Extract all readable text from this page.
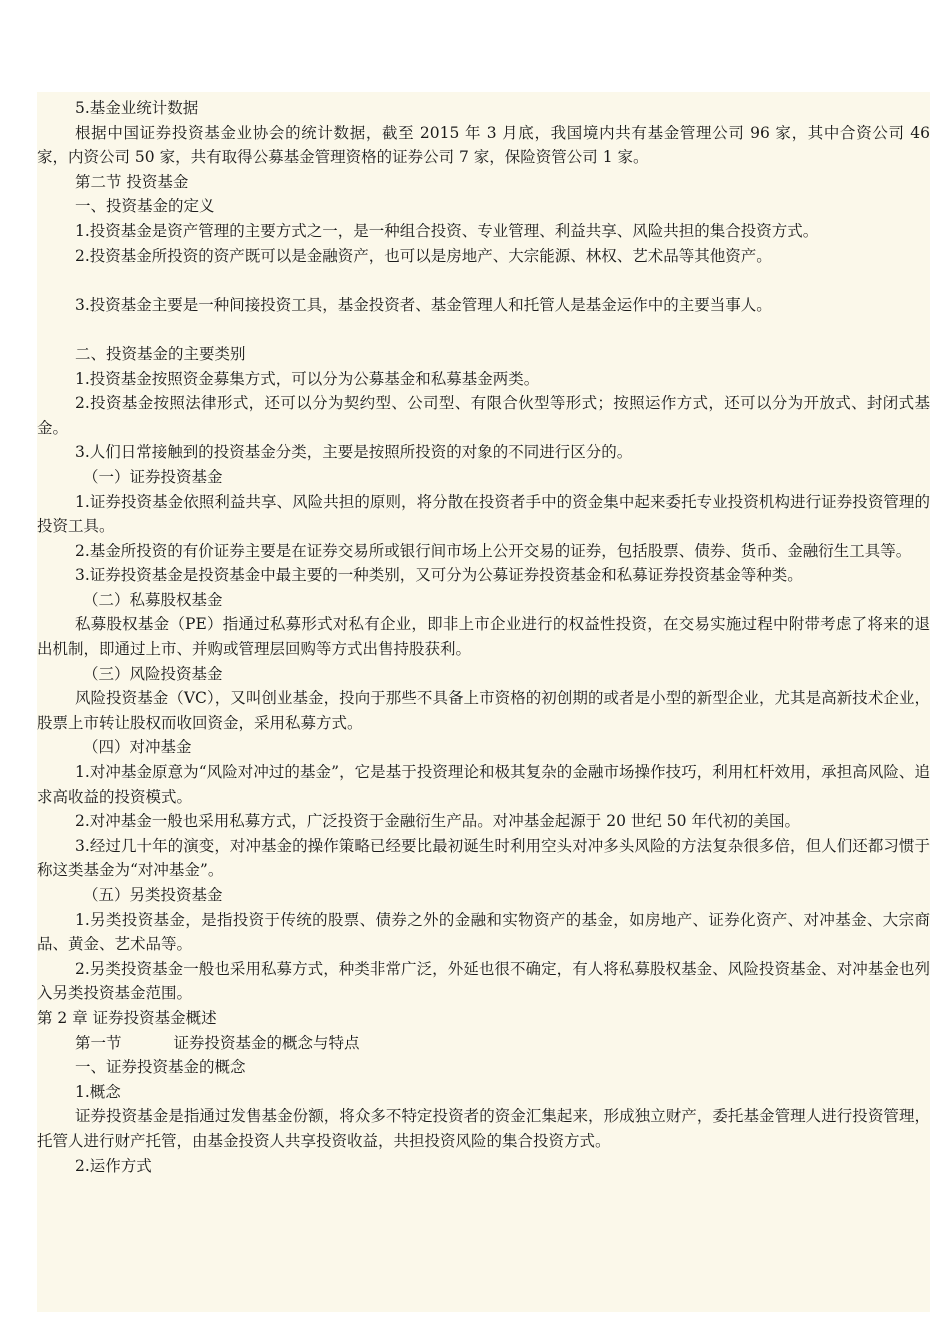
5.基金业统计数据

根据中国证券投资基金业协会的统计数据，截至 2015 年 3 月底，我国境内共有基金管理公司 96 家，其中合资公司 46 家，内资公司 50 家，共有取得公募基金管理资格的证券公司 7 家，保险资管公司 1 家。

第二节 投资基金

一、投资基金的定义

1.投资基金是资产管理的主要方式之一，是一种组合投资、专业管理、利益共享、风险共担的集合投资方式。

2.投资基金所投资的资产既可以是金融资产，也可以是房地产、大宗能源、林权、艺术品等其他资产。

3.投资基金主要是一种间接投资工具，基金投资者、基金管理人和托管人是基金运作中的主要当事人。

二、投资基金的主要类别

1.投资基金按照资金募集方式，可以分为公募基金和私募基金两类。

2.投资基金按照法律形式，还可以分为契约型、公司型、有限合伙型等形式；按照运作方式，还可以分为开放式、封闭式基金。

3.人们日常接触到的投资基金分类，主要是按照所投资的对象的不同进行区分的。

（一）证券投资基金

1.证券投资基金依照利益共享、风险共担的原则，将分散在投资者手中的资金集中起来委托专业投资机构进行证券投资管理的投资工具。

2.基金所投资的有价证券主要是在证券交易所或银行间市场上公开交易的证券，包括股票、债券、货币、金融衍生工具等。

3.证券投资基金是投资基金中最主要的一种类别，又可分为公募证券投资基金和私募证券投资基金等种类。

（二）私募股权基金

私募股权基金（PE）指通过私募形式对私有企业，即非上市企业进行的权益性投资，在交易实施过程中附带考虑了将来的退出机制，即通过上市、并购或管理层回购等方式出售持股获利。

（三）风险投资基金

风险投资基金（VC），又叫创业基金，投向于那些不具备上市资格的初创期的或者是小型的新型企业，尤其是高新技术企业，股票上市转让股权而收回资金，采用私募方式。

（四）对冲基金

1.对冲基金原意为“风险对冲过的基金”，它是基于投资理论和极其复杂的金融市场操作技巧，利用杠杆效用，承担高风险、追求高收益的投资模式。

2.对冲基金一般也采用私募方式，广泛投资于金融衍生产品。对冲基金起源于 20 世纪 50 年代初的美国。

3.经过几十年的演变，对冲基金的操作策略已经要比最初诞生时利用空头对冲多头风险的方法复杂很多倍，但人们还都习惯于称这类基金为“对冲基金”。

（五）另类投资基金

1.另类投资基金，是指投资于传统的股票、债券之外的金融和实物资产的基金，如房地产、证券化资产、对冲基金、大宗商品、黄金、艺术品等。

2.另类投资基金一般也采用私募方式，种类非常广泛，外延也很不确定，有人将私募股权基金、风险投资基金、对冲基金也列入另类投资基金范围。

第 2 章 证券投资基金概述

第一节	证券投资基金的概念与特点

一、证券投资基金的概念

1.概念

证券投资基金是指通过发售基金份额，将众多不特定投资者的资金汇集起来，形成独立财产，委托基金管理人进行投资管理，托管人进行财产托管，由基金投资人共享投资收益，共担投资风险的集合投资方式。

2.运作方式
